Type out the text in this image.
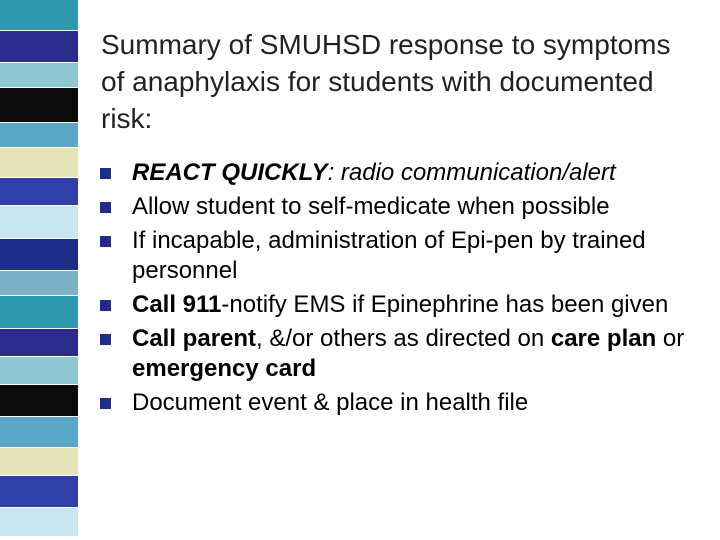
Summary of SMUHSD response to symptoms of anaphylaxis for students with documented risk:
REACT QUICKLY: radio communication/alert
Allow student to self-medicate when possible
If incapable, administration of Epi-pen by trained personnel
Call 911-notify EMS if Epinephrine has been given
Call parent, &/or others as directed on care plan or emergency card
Document event & place in health file
